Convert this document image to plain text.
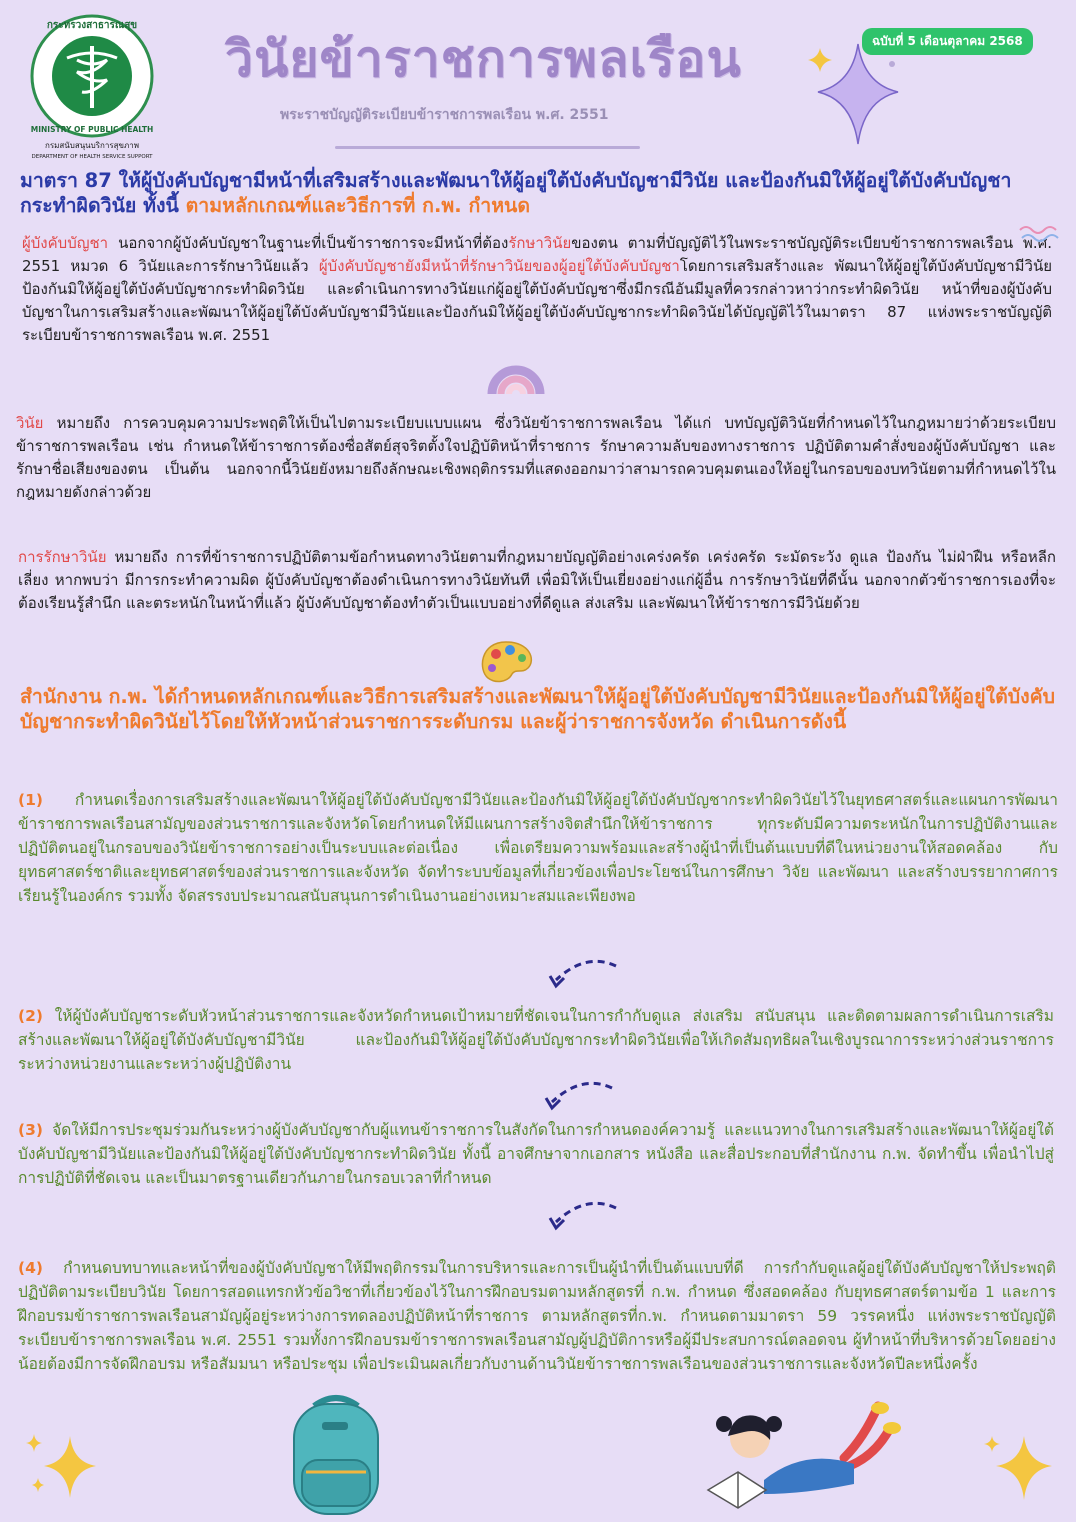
กระทรวงสาธารณสุข
MINISTRY OF PUBLIC HEALTH
กรมสนับสนุนบริการสุขภาพ
DEPARTMENT OF HEALTH SERVICE SUPPORT
วินัยข้าราชการพลเรือน
พระราชบัญญัติระเบียบข้าราชการพลเรือน พ.ศ. 2551
ฉบับที่ 5 เดือนตุลาคม 2568
มาตรา 87 ให้ผู้บังคับบัญชามีหน้าที่เสริมสร้างและพัฒนาให้ผู้อยู่ใต้บังคับบัญชามีวินัย และป้องกันมิให้ผู้อยู่ใต้บังคับบัญชากระทำผิดวินัย ทั้งนี้ ตามหลักเกณฑ์และวิธีการที่ ก.พ. กำหนด
ผู้บังคับบัญชา นอกจากผู้บังคับบัญชาในฐานะที่เป็นข้าราชการจะมีหน้าที่ต้องรักษาวินัยของตน ตามที่บัญญัติไว้ในพระราชบัญญัติระเบียบข้าราชการพลเรือน พ.ศ. 2551 หมวด 6 วินัยและการรักษาวินัยแล้ว ผู้บังคับบัญชายังมีหน้าที่รักษาวินัยของผู้อยู่ใต้บังคับบัญชาโดยการเสริมสร้างและ พัฒนาให้ผู้อยู่ใต้บังคับบัญชามีวินัย ป้องกันมิให้ผู้อยู่ใต้บังคับบัญชากระทำผิดวินัย และดำเนินการทางวินัยแก่ผู้อยู่ใต้บังคับบัญชาซึ่งมีกรณีอันมีมูลที่ควรกล่าวหาว่ากระทำผิดวินัย หน้าที่ของผู้บังคับบัญชาในการเสริมสร้างและพัฒนาให้ผู้อยู่ใต้บังคับบัญชามีวินัยและป้องกันมิให้ผู้อยู่ใต้บังคับบัญชากระทำผิดวินัยได้บัญญัติไว้ในมาตรา 87 แห่งพระราชบัญญัติระเบียบข้าราชการพลเรือน พ.ศ. 2551
วินัย หมายถึง การควบคุมความประพฤติให้เป็นไปตามระเบียบแบบแผน ซึ่งวินัยข้าราชการพลเรือน ได้แก่ บทบัญญัติวินัยที่กำหนดไว้ในกฎหมายว่าด้วยระเบียบข้าราชการพลเรือน เช่น กำหนดให้ข้าราชการต้องซื่อสัตย์สุจริตตั้งใจปฏิบัติหน้าที่ราชการ รักษาความลับของทางราชการ ปฏิบัติตามคำสั่งของผู้บังคับบัญชา และรักษาชื่อเสียงของตน เป็นต้น นอกจากนี้วินัยยังหมายถึงลักษณะเชิงพฤติกรรมที่แสดงออกมาว่าสามารถควบคุมตนเองให้อยู่ในกรอบของบทวินัยตามที่กำหนดไว้ในกฎหมายดังกล่าวด้วย
การรักษาวินัย หมายถึง การที่ข้าราชการปฏิบัติตามข้อกำหนดทางวินัยตามที่กฎหมายบัญญัติอย่างเคร่งครัด เคร่งครัด ระมัดระวัง ดูแล ป้องกัน ไม่ฝ่าฝืน หรือหลีกเลี่ยง หากพบว่า มีการกระทำความผิด ผู้บังคับบัญชาต้องดำเนินการทางวินัยทันที เพื่อมิให้เป็นเยี่ยงอย่างแก่ผู้อื่น การรักษาวินัยที่ดีนั้น นอกจากตัวข้าราชการเองที่จะต้องเรียนรู้สำนึก และตระหนักในหน้าที่แล้ว ผู้บังคับบัญชาต้องทำตัวเป็นแบบอย่างที่ดีดูแล ส่งเสริม และพัฒนาให้ข้าราชการมีวินัยด้วย
สำนักงาน ก.พ. ได้กำหนดหลักเกณฑ์และวิธีการเสริมสร้างและพัฒนาให้ผู้อยู่ใต้บังคับบัญชามีวินัยและป้องกันมิให้ผู้อยู่ใต้บังคับบัญชากระทำผิดวินัยไว้โดยให้หัวหน้าส่วนราชการระดับกรม และผู้ว่าราชการจังหวัด ดำเนินการดังนี้
(1) กำหนดเรื่องการเสริมสร้างและพัฒนาให้ผู้อยู่ใต้บังคับบัญชามีวินัยและป้องกันมิให้ผู้อยู่ใต้บังคับบัญชากระทำผิดวินัยไว้ในยุทธศาสตร์และแผนการพัฒนาข้าราชการพลเรือนสามัญของส่วนราชการและจังหวัดโดยกำหนดให้มีแผนการสร้างจิตสำนึกให้ข้าราชการ ทุกระดับมีความตระหนักในการปฏิบัติงานและปฏิบัติตนอยู่ในกรอบของวินัยข้าราชการอย่างเป็นระบบและต่อเนื่อง เพื่อเตรียมความพร้อมและสร้างผู้นำที่เป็นต้นแบบที่ดีในหน่วยงานให้สอดคล้อง กับยุทธศาสตร์ชาติและยุทธศาสตร์ของส่วนราชการและจังหวัด จัดทำระบบข้อมูลที่เกี่ยวข้องเพื่อประโยชน์ในการศึกษา วิจัย และพัฒนา และสร้างบรรยากาศการเรียนรู้ในองค์กร รวมทั้ง จัดสรรงบประมาณสนับสนุนการดำเนินงานอย่างเหมาะสมและเพียงพอ
(2) ให้ผู้บังคับบัญชาระดับหัวหน้าส่วนราชการและจังหวัดกำหนดเป้าหมายที่ชัดเจนในการกำกับดูแล ส่งเสริม สนับสนุน และติดตามผลการดำเนินการเสริมสร้างและพัฒนาให้ผู้อยู่ใต้บังคับบัญชามีวินัย และป้องกันมิให้ผู้อยู่ใต้บังคับบัญชากระทำผิดวินัยเพื่อให้เกิดสัมฤทธิผลในเชิงบูรณาการระหว่างส่วนราชการ ระหว่างหน่วยงานและระหว่างผู้ปฏิบัติงาน
(3) จัดให้มีการประชุมร่วมกันระหว่างผู้บังคับบัญชากับผู้แทนข้าราชการในสังกัดในการกำหนดองค์ความรู้ และแนวทางในการเสริมสร้างและพัฒนาให้ผู้อยู่ใต้บังคับบัญชามีวินัยและป้องกันมิให้ผู้อยู่ใต้บังคับบัญชากระทำผิดวินัย ทั้งนี้ อาจศึกษาจากเอกสาร หนังสือ และสื่อประกอบที่สำนักงาน ก.พ. จัดทำขึ้น เพื่อนำไปสู่การปฏิบัติที่ชัดเจน และเป็นมาตรฐานเดียวกันภายในกรอบเวลาที่กำหนด
(4) กำหนดบทบาทและหน้าที่ของผู้บังคับบัญชาให้มีพฤติกรรมในการบริหารและการเป็นผู้นำที่เป็นต้นแบบที่ดี การกำกับดูแลผู้อยู่ใต้บังคับบัญชาให้ประพฤติปฏิบัติตามระเบียบวินัย โดยการสอดแทรกหัวข้อวิชาที่เกี่ยวข้องไว้ในการฝึกอบรมตามหลักสูตรที่ ก.พ. กำหนด ซึ่งสอดคล้อง กับยุทธศาสตร์ตามข้อ 1 และการฝึกอบรมข้าราชการพลเรือนสามัญผู้อยู่ระหว่างการทดลองปฏิบัติหน้าที่ราชการ ตามหลักสูตรที่ก.พ. กำหนดตามมาตรา 59 วรรคหนึ่ง แห่งพระราชบัญญัติระเบียบข้าราชการพลเรือน พ.ศ. 2551 รวมทั้งการฝึกอบรมข้าราชการพลเรือนสามัญผู้ปฏิบัติการหรือผู้มีประสบการณ์ตลอดจน ผู้ทำหน้าที่บริหารด้วยโดยอย่างน้อยต้องมีการจัดฝึกอบรม หรือสัมมนา หรือประชุม เพื่อประเมินผลเกี่ยวกับงานด้านวินัยข้าราชการพลเรือนของส่วนราชการและจังหวัดปีละหนึ่งครั้ง
